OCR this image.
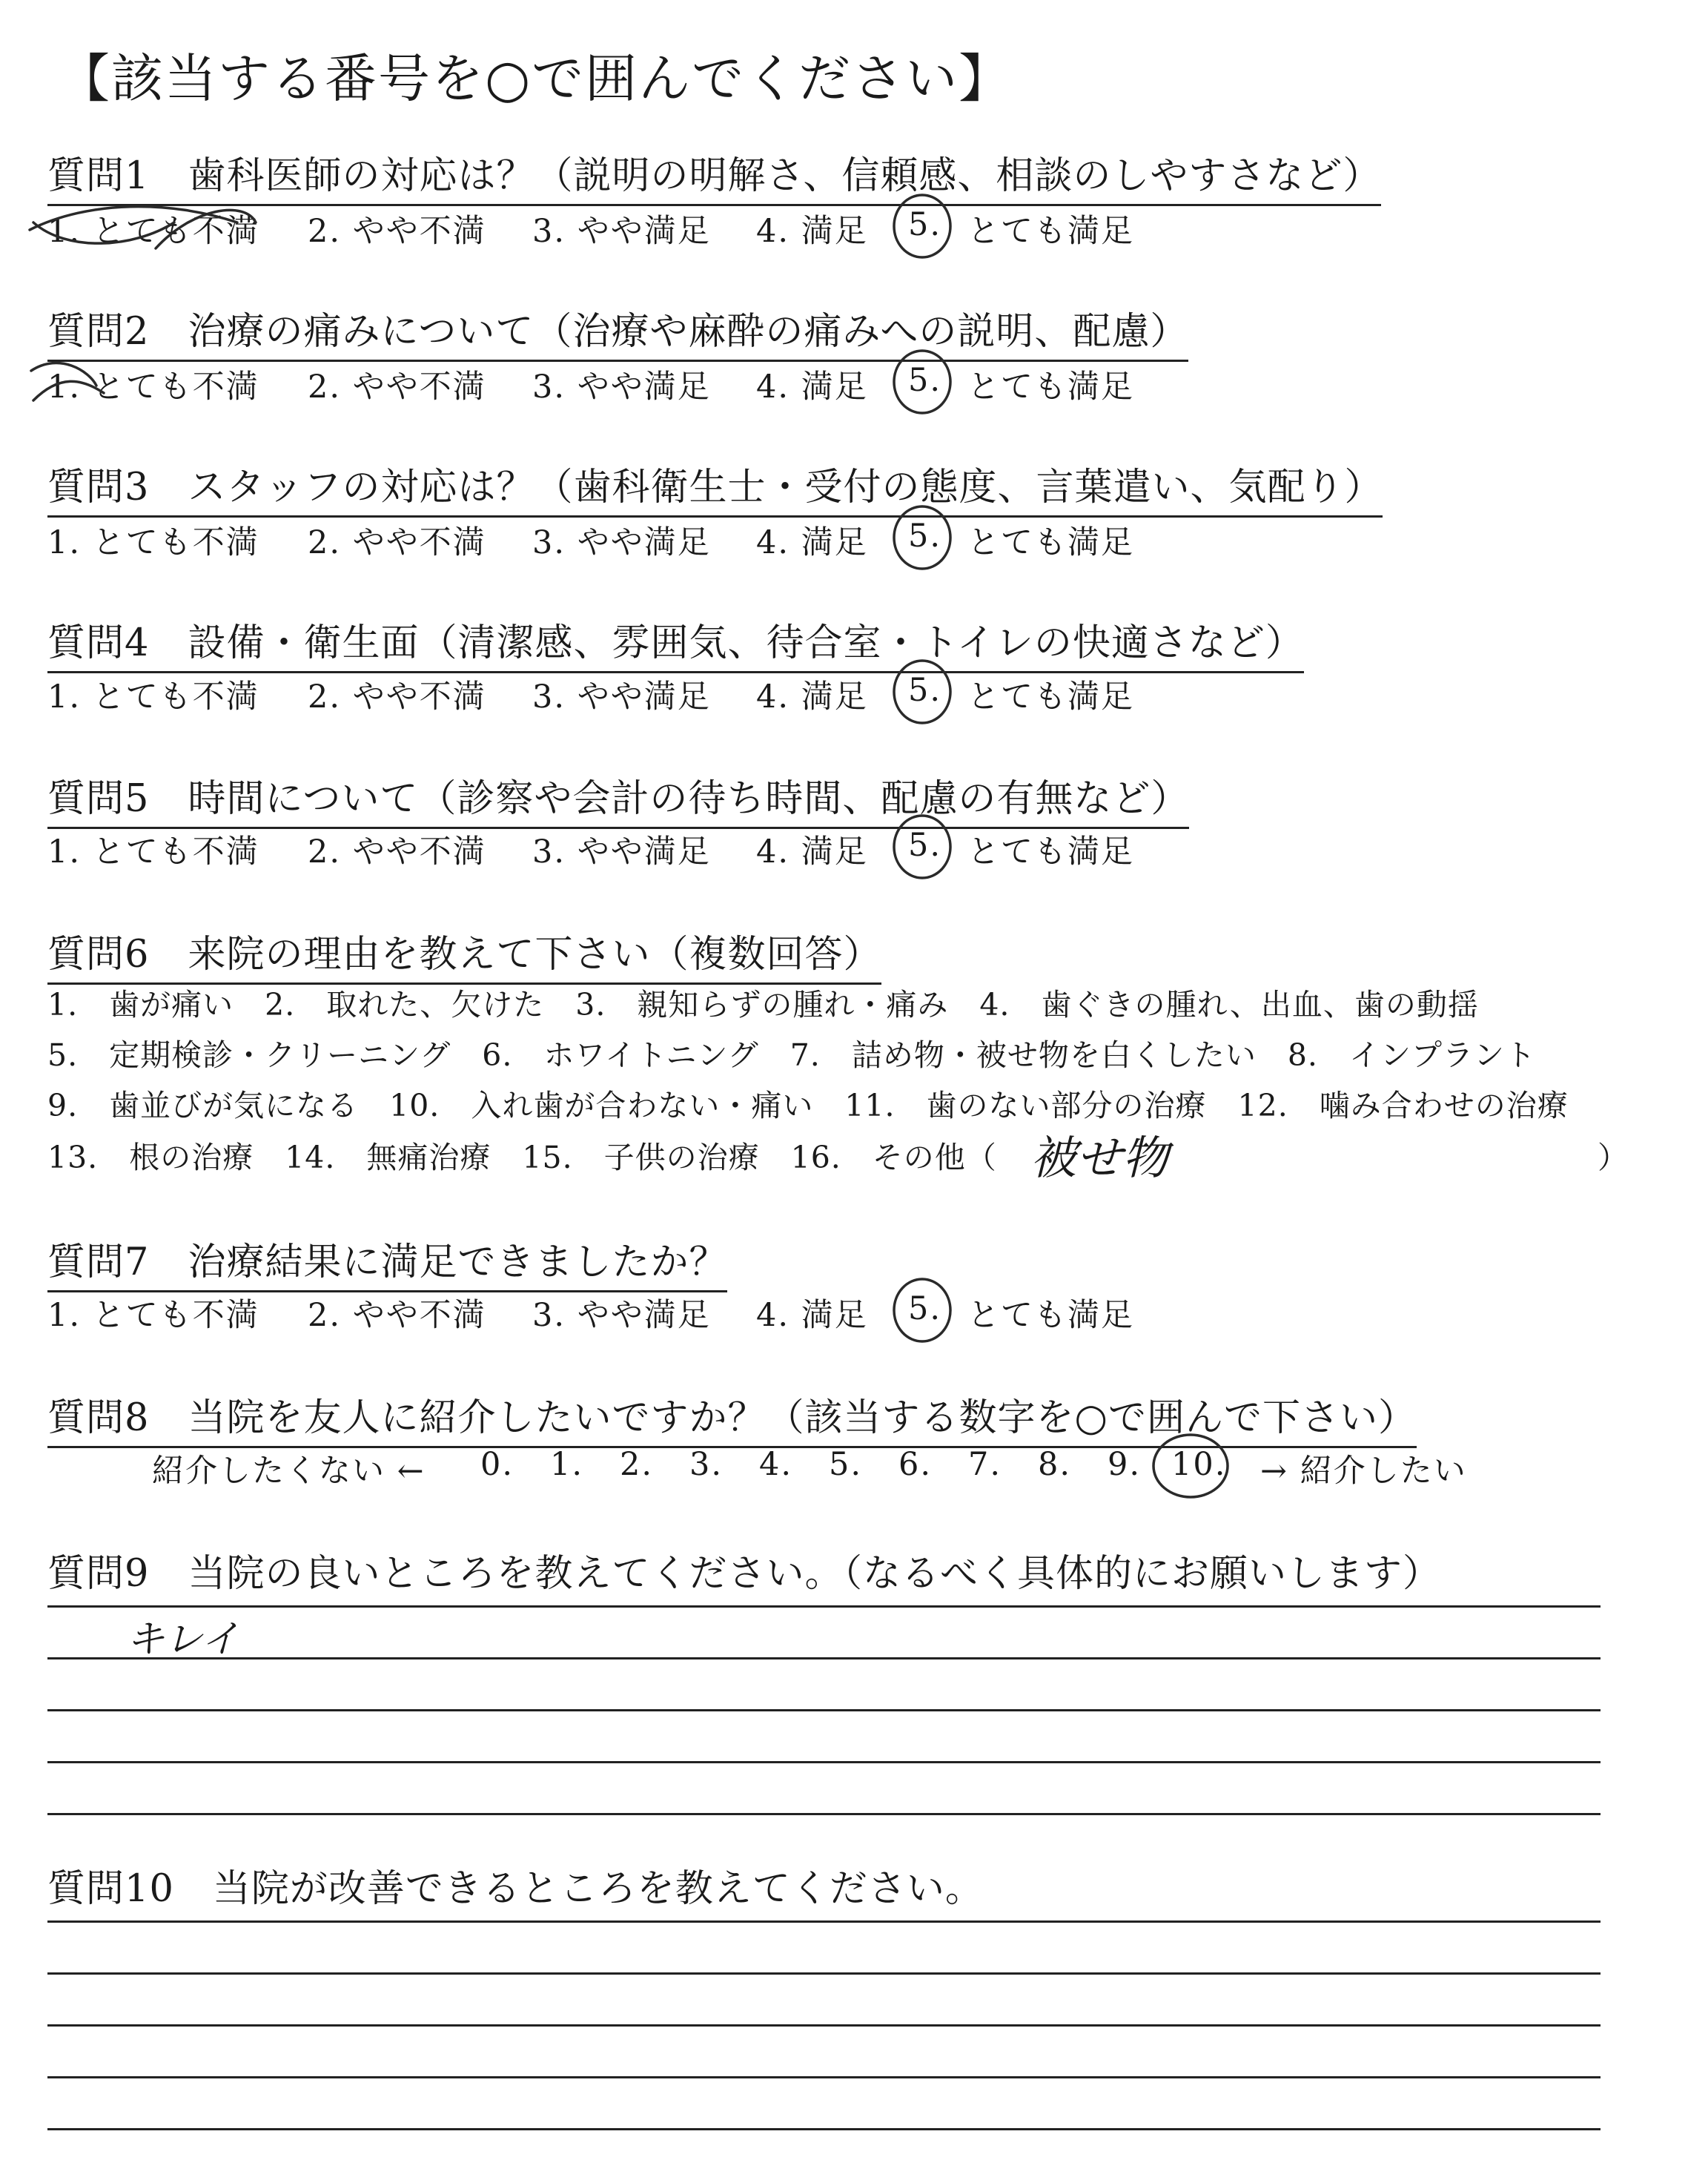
【該当する番号を○で囲んでください】
質問1　歯科医師の対応は？（説明の明解さ、信頼感、相談のしやすさなど）
1. とても不満 2. やや不満 3. やや満足 4. 満足 5. とても満足
質問2　治療の痛みについて（治療や麻酔の痛みへの説明、配慮）
1. とても不満 2. やや不満 3. やや満足 4. 満足 5. とても満足
質問3　スタッフの対応は？（歯科衛生士・受付の態度、言葉遣い、気配り）
1. とても不満 2. やや不満 3. やや満足 4. 満足 5. とても満足
質問4　設備・衛生面（清潔感、雰囲気、待合室・トイレの快適さなど）
1. とても不満 2. やや不満 3. やや満足 4. 満足 5. とても満足
質問5　時間について（診察や会計の待ち時間、配慮の有無など）
1. とても不満 2. やや不満 3. やや満足 4. 満足 5. とても満足
質問6　来院の理由を教えて下さい（複数回答）
1.　歯が痛い　2.　取れた、欠けた　3.　親知らずの腫れ・痛み　4.　歯ぐきの腫れ、出血、歯の動揺
5.　定期検診・クリーニング　6.　ホワイトニング　7.　詰め物・被せ物を白くしたい　8.　インプラント
9.　歯並びが気になる　10.　入れ歯が合わない・痛い　11.　歯のない部分の治療　12.　噛み合わせの治療
13.　根の治療　14.　無痛治療　15.　子供の治療　16.　その他（ 被せ物	）
質問7　治療結果に満足できましたか？
1. とても不満 2. やや不満 3. やや満足 4. 満足 5. とても満足
質問8　当院を友人に紹介したいですか？（該当する数字を○で囲んで下さい）
紹介したくない ← 0. 1. 2. 3. 4. 5. 6. 7. 8. 9. 10. → 紹介したい
質問9　当院の良いところを教えてください。（なるべく具体的にお願いします）
キレイ
質問10　当院が改善できるところを教えてください。
